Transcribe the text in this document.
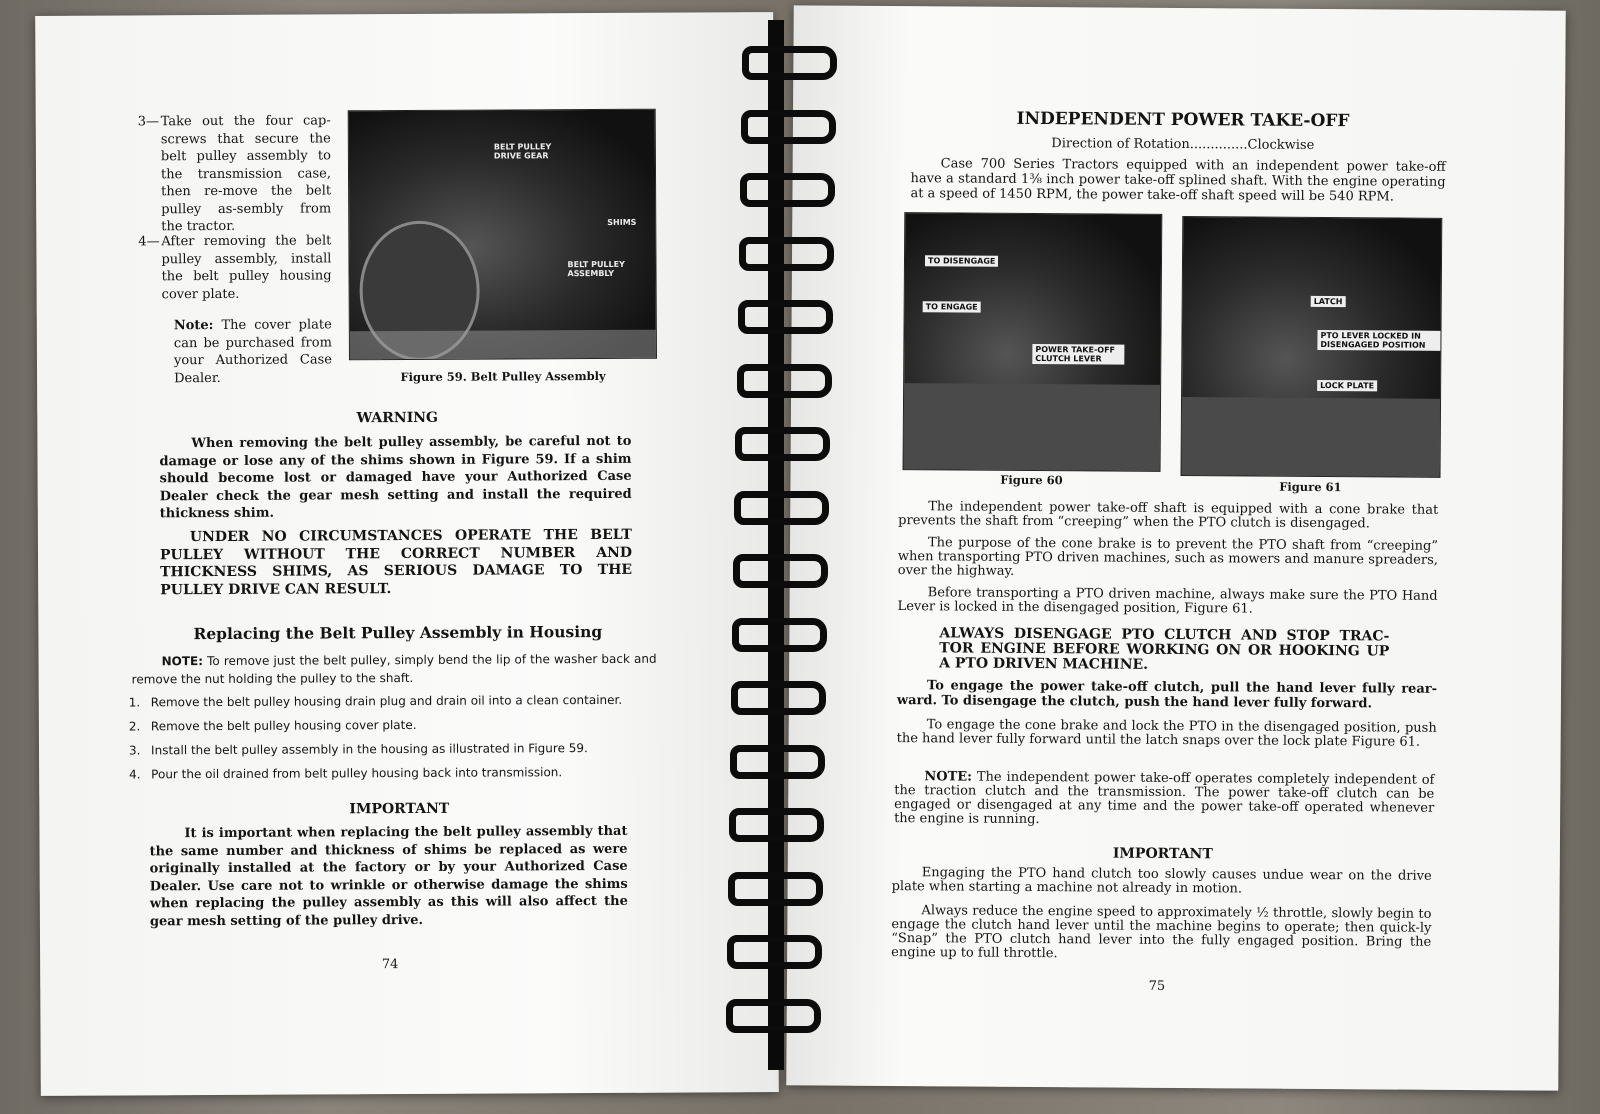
3— Take out the four cap-screws that secure the belt pulley assembly to the transmission case, then re-move the belt pulley as-sembly from the tractor.
4— After removing the belt pulley assembly, install the belt pulley housing cover plate.
Note: The cover plate can be purchased from your Authorized Case Dealer.
BELT PULLEY DRIVE GEAR
SHIMS
BELT PULLEY ASSEMBLY
Figure 59. Belt Pulley Assembly
WARNING
When removing the belt pulley assembly, be careful not to damage or lose any of the shims shown in Figure 59. If a shim should become lost or damaged have your Authorized Case Dealer check the gear mesh setting and install the required thickness shim.
UNDER NO CIRCUMSTANCES OPERATE THE BELT PULLEY WITHOUT THE CORRECT NUMBER AND THICKNESS SHIMS, AS SERIOUS DAMAGE TO THE PULLEY DRIVE CAN RESULT.
Replacing the Belt Pulley Assembly in Housing
NOTE: To remove just the belt pulley, simply bend the lip of the washer back and remove the nut holding the pulley to the shaft.
1. Remove the belt pulley housing drain plug and drain oil into a clean container.
2. Remove the belt pulley housing cover plate.
3. Install the belt pulley assembly in the housing as illustrated in Figure 59.
4. Pour the oil drained from belt pulley housing back into transmission.
IMPORTANT
It is important when replacing the belt pulley assembly that the same number and thickness of shims be replaced as were originally installed at the factory or by your Authorized Case Dealer. Use care not to wrinkle or otherwise damage the shims when replacing the pulley assembly as this will also affect the gear mesh setting of the pulley drive.
74
INDEPENDENT POWER TAKE-OFF
Direction of Rotation..............Clockwise
Case 700 Series Tractors equipped with an independent power take-off have a standard 1⅜ inch power take-off splined shaft. With the engine operating at a speed of 1450 RPM, the power take-off shaft speed will be 540 RPM.
TO DISENGAGE
TO ENGAGE
POWER TAKE-OFF CLUTCH LEVER
Figure 60
LATCH
PTO LEVER LOCKED IN DISENGAGED POSITION
LOCK PLATE
Figure 61
The independent power take-off shaft is equipped with a cone brake that prevents the shaft from “creeping” when the PTO clutch is disengaged.
The purpose of the cone brake is to prevent the PTO shaft from “creeping” when transporting PTO driven machines, such as mowers and manure spreaders, over the highway.
Before transporting a PTO driven machine, always make sure the PTO Hand Lever is locked in the disengaged position, Figure 61.
ALWAYS DISENGAGE PTO CLUTCH AND STOP TRAC-TOR ENGINE BEFORE WORKING ON OR HOOKING UP A PTO DRIVEN MACHINE.
To engage the power take-off clutch, pull the hand lever fully rear-ward. To disengage the clutch, push the hand lever fully forward.
To engage the cone brake and lock the PTO in the disengaged position, push the hand lever fully forward until the latch snaps over the lock plate Figure 61.
NOTE: The independent power take-off operates completely independent of the traction clutch and the transmission. The power take-off clutch can be engaged or disengaged at any time and the power take-off operated whenever the engine is running.
IMPORTANT
Engaging the PTO hand clutch too slowly causes undue wear on the drive plate when starting a machine not already in motion.
Always reduce the engine speed to approximately ½ throttle, slowly begin to engage the clutch hand lever until the machine begins to operate; then quick-ly “Snap” the PTO clutch hand lever into the fully engaged position. Bring the engine up to full throttle.
75
